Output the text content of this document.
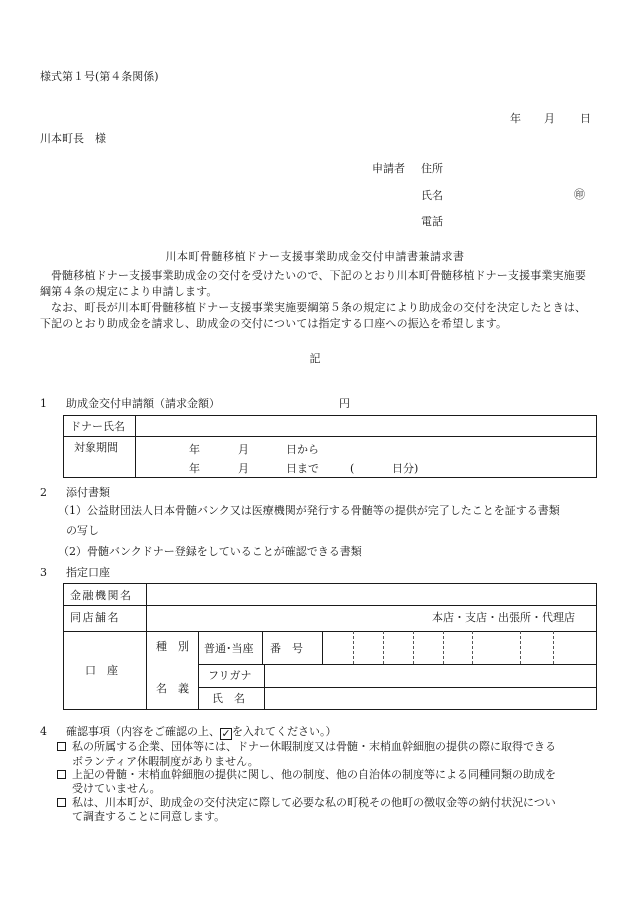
様式第１号(第４条関係)
年 月 日
川本町長　様
申請者 住所
氏名	㊞
電話
川本町骨髄移植ドナー支援事業助成金交付申請書兼請求書
骨髄移植ドナー支援事業助成金の交付を受けたいので、下記のとおり川本町骨髄移植ドナー支援事業実施要綱第４条の規定により申請します。
なお、町長が川本町骨髄移植ドナー支援事業実施要綱第５条の規定により助成金の交付を決定したときは、下記のとおり助成金を請求し、助成金の交付については指定する口座への振込を希望します。
記
1 助成金交付申請額（請求金額）	円
ドナー氏名
対象期間	年	月	日から
年	月	日まで	(	日分)
2 添付書類
（1）公益財団法人日本骨髄バンク又は医療機関が発行する骨髄等の提供が完了したことを証する書類
の写し
（2）骨髄バンクドナー登録をしていることが確認できる書類
3 指定口座
金融機関名
同店舗名	本店・支店・出張所・代理店
口　座
種　別 普通･当座 番　号
名　義
フリガナ
氏　名
4 確認事項（内容をご確認の上、✓を入れてください。）
私の所属する企業、団体等には、ドナー休暇制度又は骨髄・末梢血幹細胞の提供の際に取得できる
ボランティア休暇制度がありません。
上記の骨髄・末梢血幹細胞の提供に関し、他の制度、他の自治体の制度等による同種同類の助成を
受けていません。
私は、川本町が、助成金の交付決定に際して必要な私の町税その他町の徴収金等の納付状況につい
て調査することに同意します。
